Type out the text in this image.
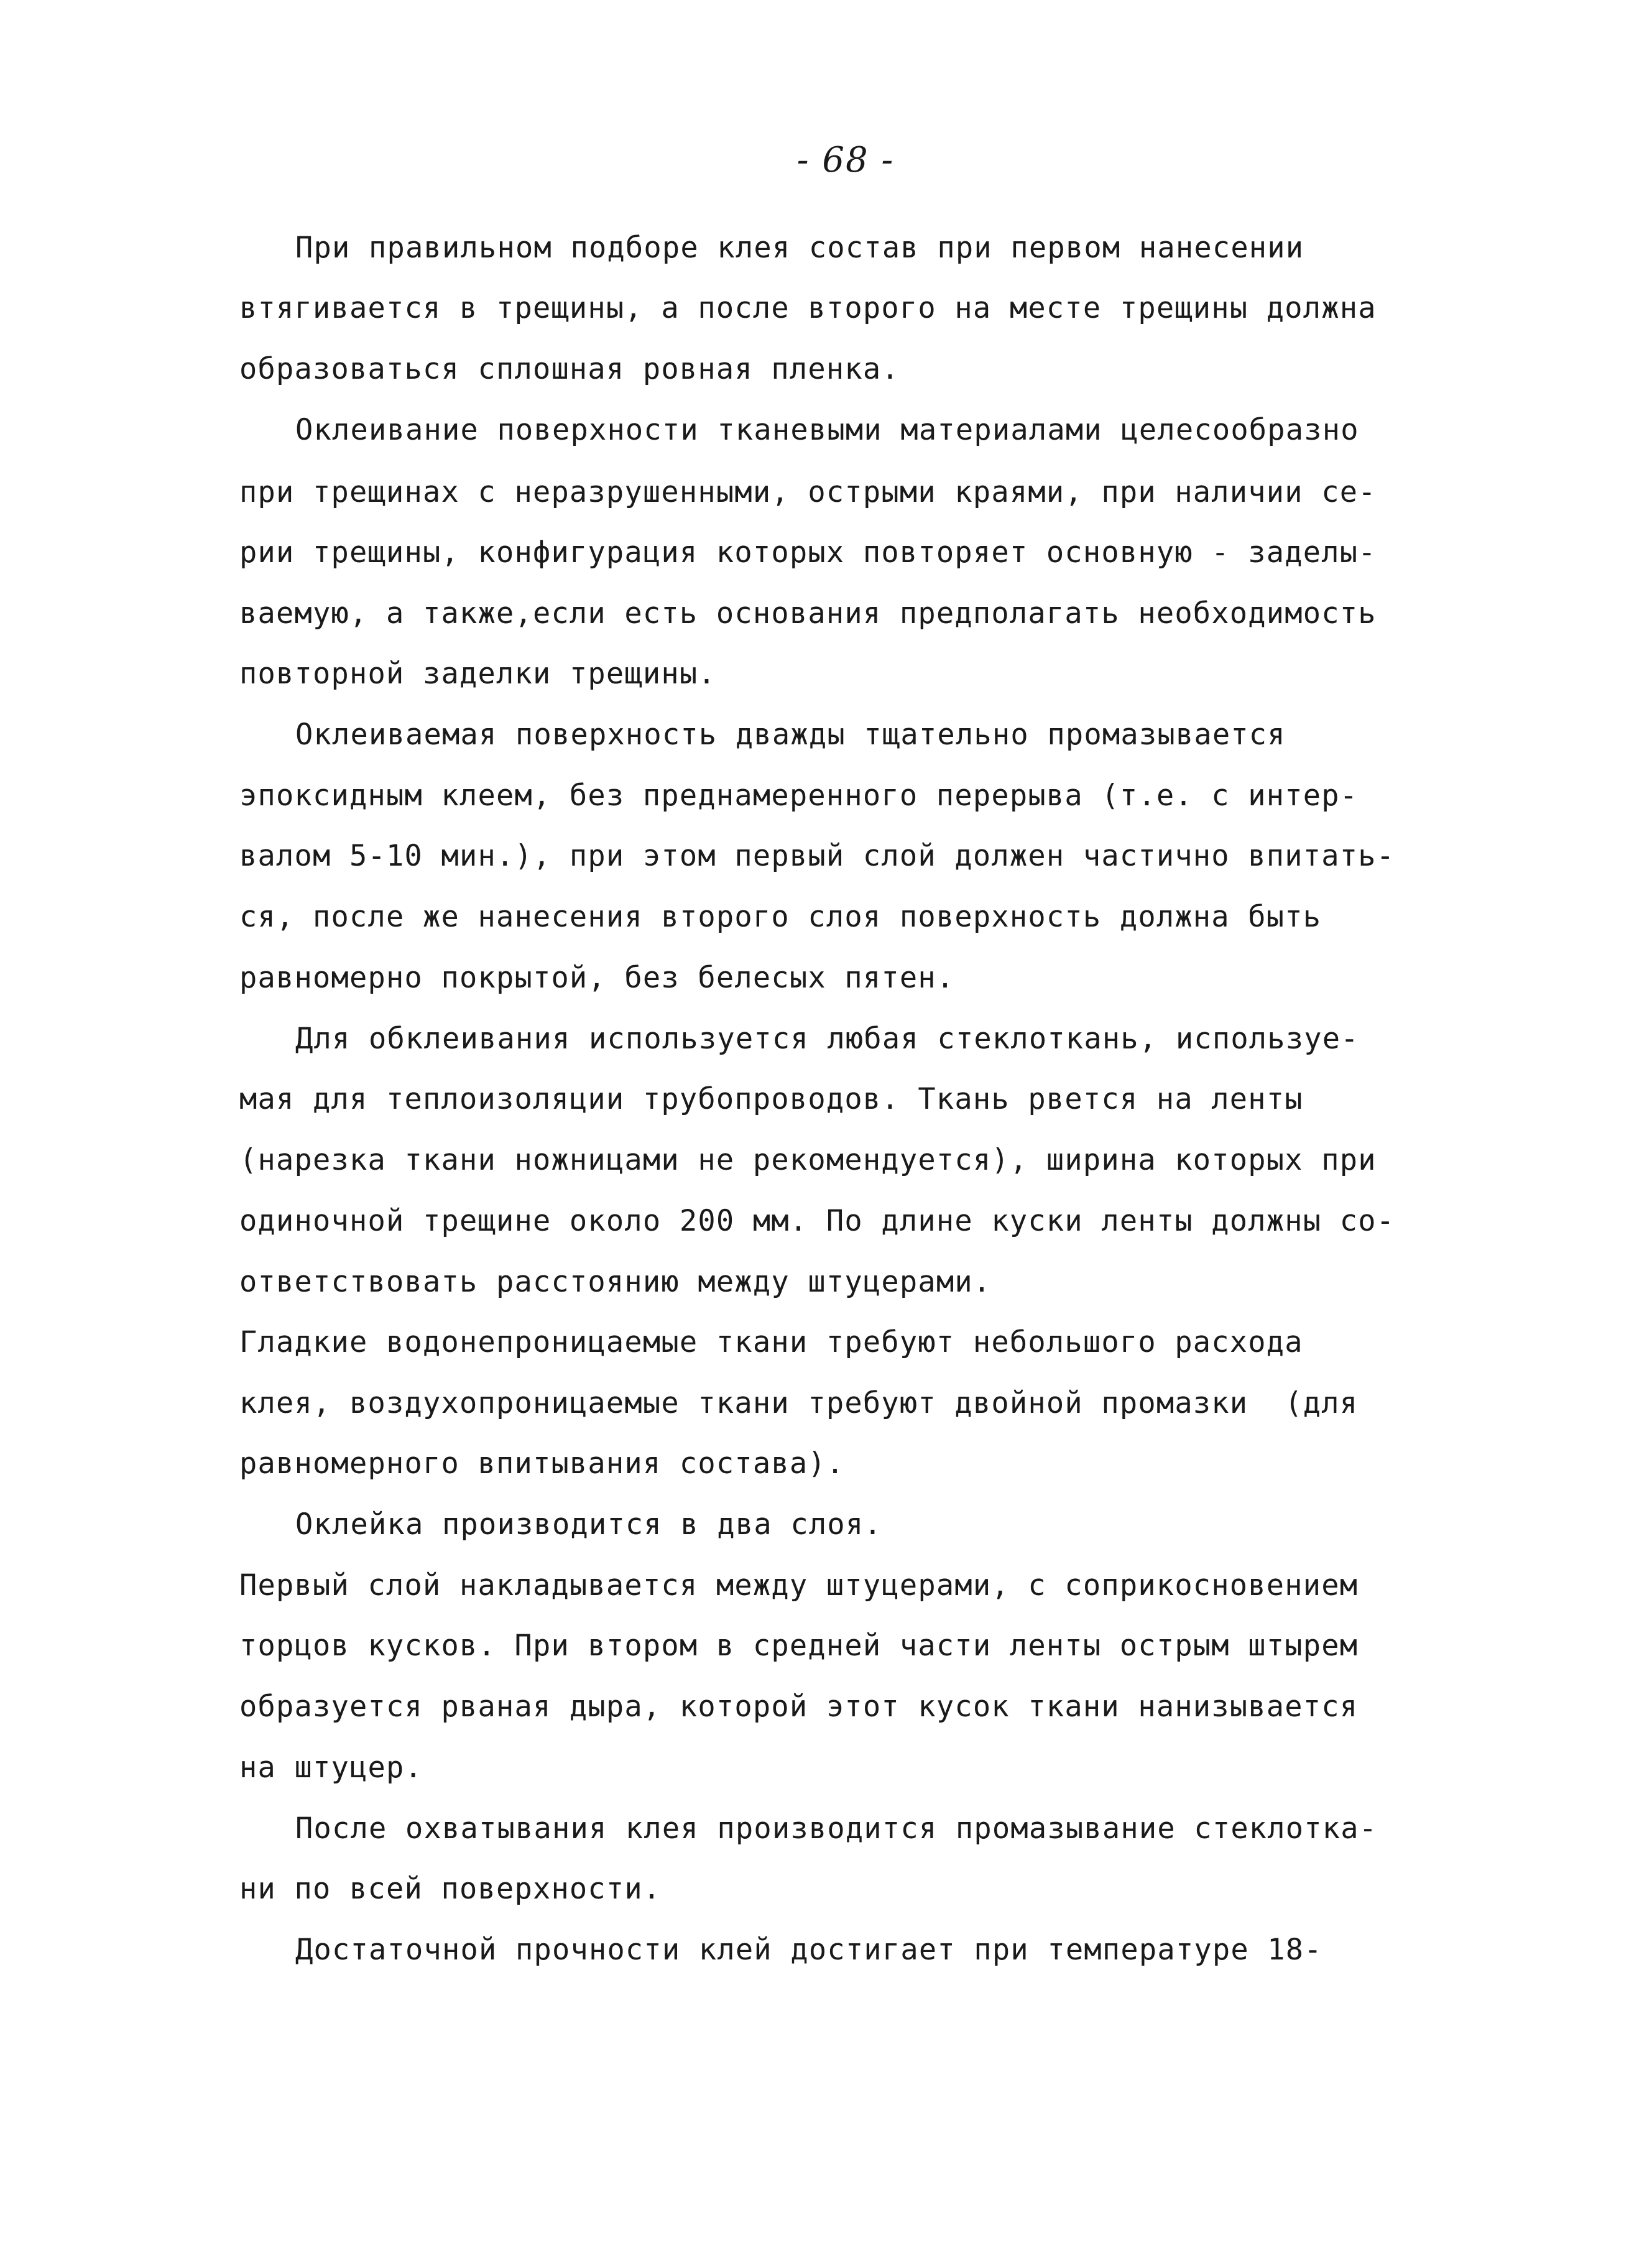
- 68 -
При правильном подборе клея состав при первом нанесении
втягивается в трещины, а после второго на месте трещины должна
образоваться сплошная ровная пленка.
Оклеивание поверхности тканевыми материалами целесообразно
при трещинах с неразрушенными, острыми краями, при наличии се-
рии трещины, конфигурация которых повторяет основную - заделы-
ваемую, а также,если есть основания предполагать необходимость
повторной заделки трещины.
Оклеиваемая поверхность дважды тщательно промазывается
эпоксидным клеем, без преднамеренного перерыва (т.е. с интер-
валом 5-10 мин.), при этом первый слой должен частично впитать-
ся, после же нанесения второго слоя поверхность должна быть
равномерно покрытой, без белесых пятен.
Для обклеивания используется любая стеклоткань, используе-
мая для теплоизоляции трубопроводов. Ткань рвется на ленты
(нарезка ткани ножницами не рекомендуется), ширина которых при
одиночной трещине около 200 мм. По длине куски ленты должны со-
ответствовать расстоянию между штуцерами.
Гладкие водонепроницаемые ткани требуют небольшого расхода
клея, воздухопроницаемые ткани требуют двойной промазки  (для
равномерного впитывания состава).
Оклейка производится в два слоя.
Первый слой накладывается между штуцерами, с соприкосновением
торцов кусков. При втором в средней части ленты острым штырем
образуется рваная дыра, которой этот кусок ткани нанизывается
на штуцер.
После охватывания клея производится промазывание стеклотка-
ни по всей поверхности.
Достаточной прочности клей достигает при температуре 18-
